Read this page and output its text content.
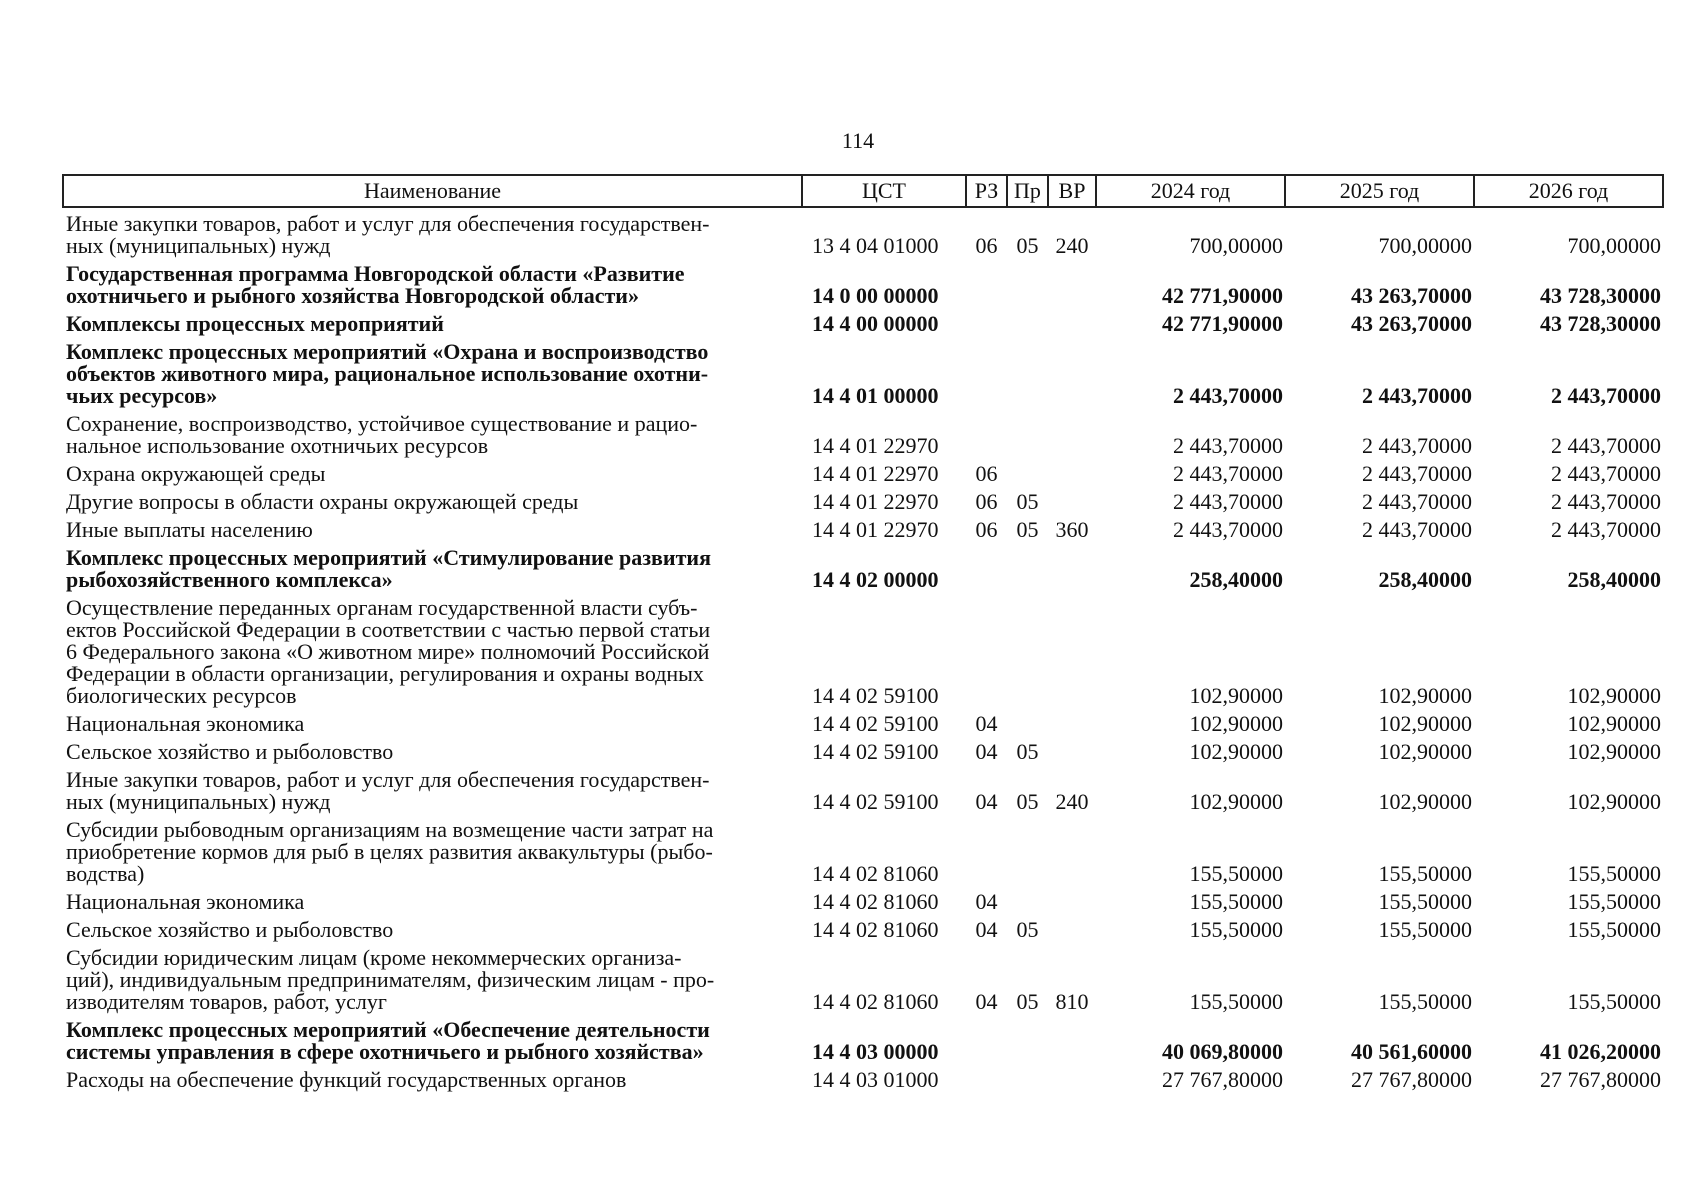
114
Наименование	ЦСТ	РЗ	Пр	ВР	2024 год	2025 год	2026 год
Иные закупки товаров, работ и услуг для обеспечения государствен-
ных (муниципальных) нужд	13 4 04 01000	06	05	240	700,00000	700,00000	700,00000
Государственная программа Новгородской области «Развитие
охотничьего и рыбного хозяйства Новгородской области»	14 0 00 00000				42 771,90000	43 263,70000	43 728,30000
Комплексы процессных мероприятий	14 4 00 00000				42 771,90000	43 263,70000	43 728,30000
Комплекс процессных мероприятий «Охрана и воспроизводство
объектов животного мира, рациональное использование охотни-
чьих ресурсов»	14 4 01 00000				2 443,70000	2 443,70000	2 443,70000
Сохранение, воспроизводство, устойчивое существование и рацио-
нальное использование охотничьих ресурсов	14 4 01 22970				2 443,70000	2 443,70000	2 443,70000
Охрана окружающей среды	14 4 01 22970	06			2 443,70000	2 443,70000	2 443,70000
Другие вопросы в области охраны окружающей среды	14 4 01 22970	06	05		2 443,70000	2 443,70000	2 443,70000
Иные выплаты населению	14 4 01 22970	06	05	360	2 443,70000	2 443,70000	2 443,70000
Комплекс процессных мероприятий «Стимулирование развития
рыбохозяйственного комплекса»	14 4 02 00000				258,40000	258,40000	258,40000
Осуществление переданных органам государственной власти субъ-
ектов Российской Федерации в соответствии с частью первой статьи
6 Федерального закона «О животном мире» полномочий Российской
Федерации в области организации, регулирования и охраны водных
биологических ресурсов	14 4 02 59100				102,90000	102,90000	102,90000
Национальная экономика	14 4 02 59100	04			102,90000	102,90000	102,90000
Сельское хозяйство и рыболовство	14 4 02 59100	04	05		102,90000	102,90000	102,90000
Иные закупки товаров, работ и услуг для обеспечения государствен-
ных (муниципальных) нужд	14 4 02 59100	04	05	240	102,90000	102,90000	102,90000
Субсидии рыбоводным организациям на возмещение части затрат на
приобретение кормов для рыб в целях развития аквакультуры (рыбо-
водства)	14 4 02 81060				155,50000	155,50000	155,50000
Национальная экономика	14 4 02 81060	04			155,50000	155,50000	155,50000
Сельское хозяйство и рыболовство	14 4 02 81060	04	05		155,50000	155,50000	155,50000
Субсидии юридическим лицам (кроме некоммерческих организа-
ций), индивидуальным предпринимателям, физическим лицам - про-
изводителям товаров, работ, услуг	14 4 02 81060	04	05	810	155,50000	155,50000	155,50000
Комплекс процессных мероприятий «Обеспечение деятельности
системы управления в сфере охотничьего и рыбного хозяйства»	14 4 03 00000				40 069,80000	40 561,60000	41 026,20000
Расходы на обеспечение функций государственных органов	14 4 03 01000				27 767,80000	27 767,80000	27 767,80000
